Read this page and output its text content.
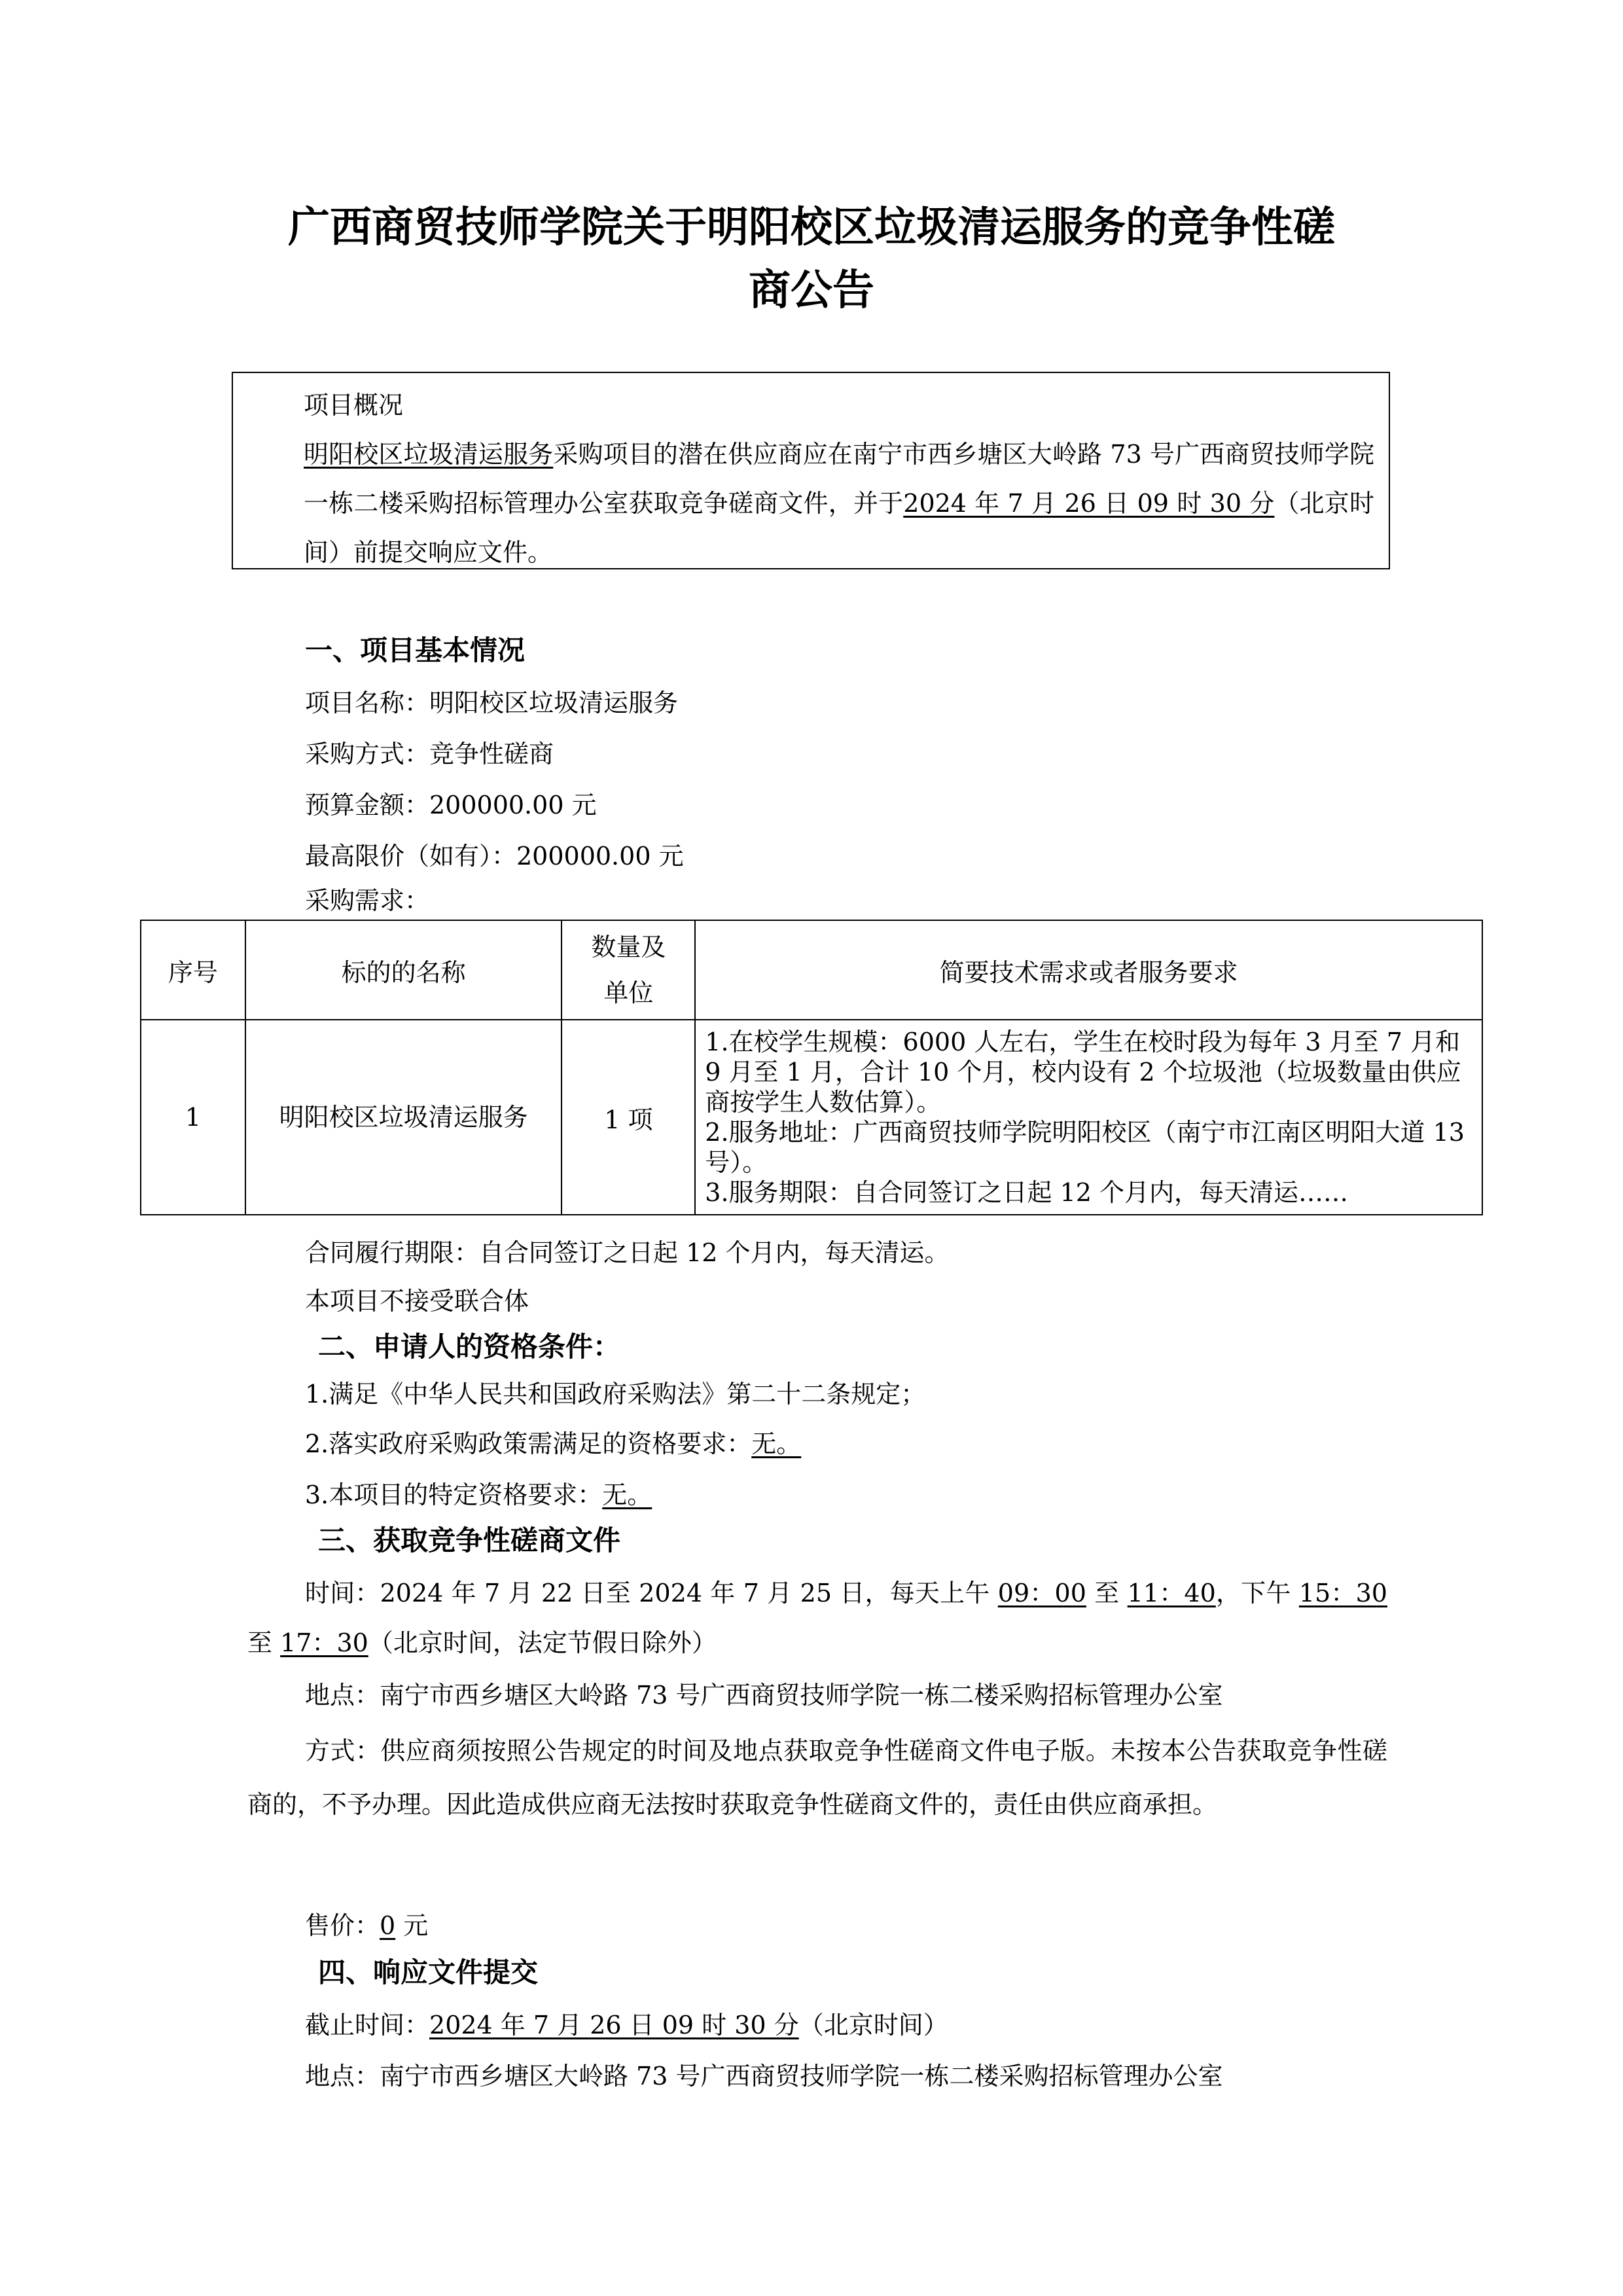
广西商贸技师学院关于明阳校区垃圾清运服务的竞争性磋
商公告

项目概况

明阳校区垃圾清运服务采购项目的潜在供应商应在南宁市西乡塘区大岭路 73 号广西商贸技师学院一栋二楼采购招标管理办公室获取竞争磋商文件，并于2024 年 7 月 26 日 09 时 30 分（北京时间）前提交响应文件。

一、项目基本情况
项目名称：明阳校区垃圾清运服务
采购方式：竞争性磋商
预算金额：200000.00 元
最高限价（如有）：200000.00 元
采购需求：
序号	标的的名称	数量及单位	简要技术需求或者服务要求
1	明阳校区垃圾清运服务	1 项	1.在校学生规模：6000 人左右，学生在校时段为每年 3 月至 7 月和 9 月至 1 月，合计 10 个月，校内设有 2 个垃圾池（垃圾数量由供应商按学生人数估算）。
2.服务地址：广西商贸技师学院明阳校区（南宁市江南区明阳大道 13 号）。
3.服务期限：自合同签订之日起 12 个月内，每天清运……
合同履行期限：自合同签订之日起 12 个月内，每天清运。
本项目不接受联合体
二、申请人的资格条件：
1.满足《中华人民共和国政府采购法》第二十二条规定；
2.落实政府采购政策需满足的资格要求：无。
3.本项目的特定资格要求：无。
三、获取竞争性磋商文件
时间：2024 年 7 月 22 日至 2024 年 7 月 25 日，每天上午 09：00 至 11：40，下午 15：30 至 17：30（北京时间，法定节假日除外）
地点：南宁市西乡塘区大岭路 73 号广西商贸技师学院一栋二楼采购招标管理办公室
方式：供应商须按照公告规定的时间及地点获取竞争性磋商文件电子版。未按本公告获取竞争性磋商的，不予办理。因此造成供应商无法按时获取竞争性磋商文件的，责任由供应商承担。
售价：0 元
四、响应文件提交
截止时间：2024 年 7 月 26 日 09 时 30 分（北京时间）
地点：南宁市西乡塘区大岭路 73 号广西商贸技师学院一栋二楼采购招标管理办公室
